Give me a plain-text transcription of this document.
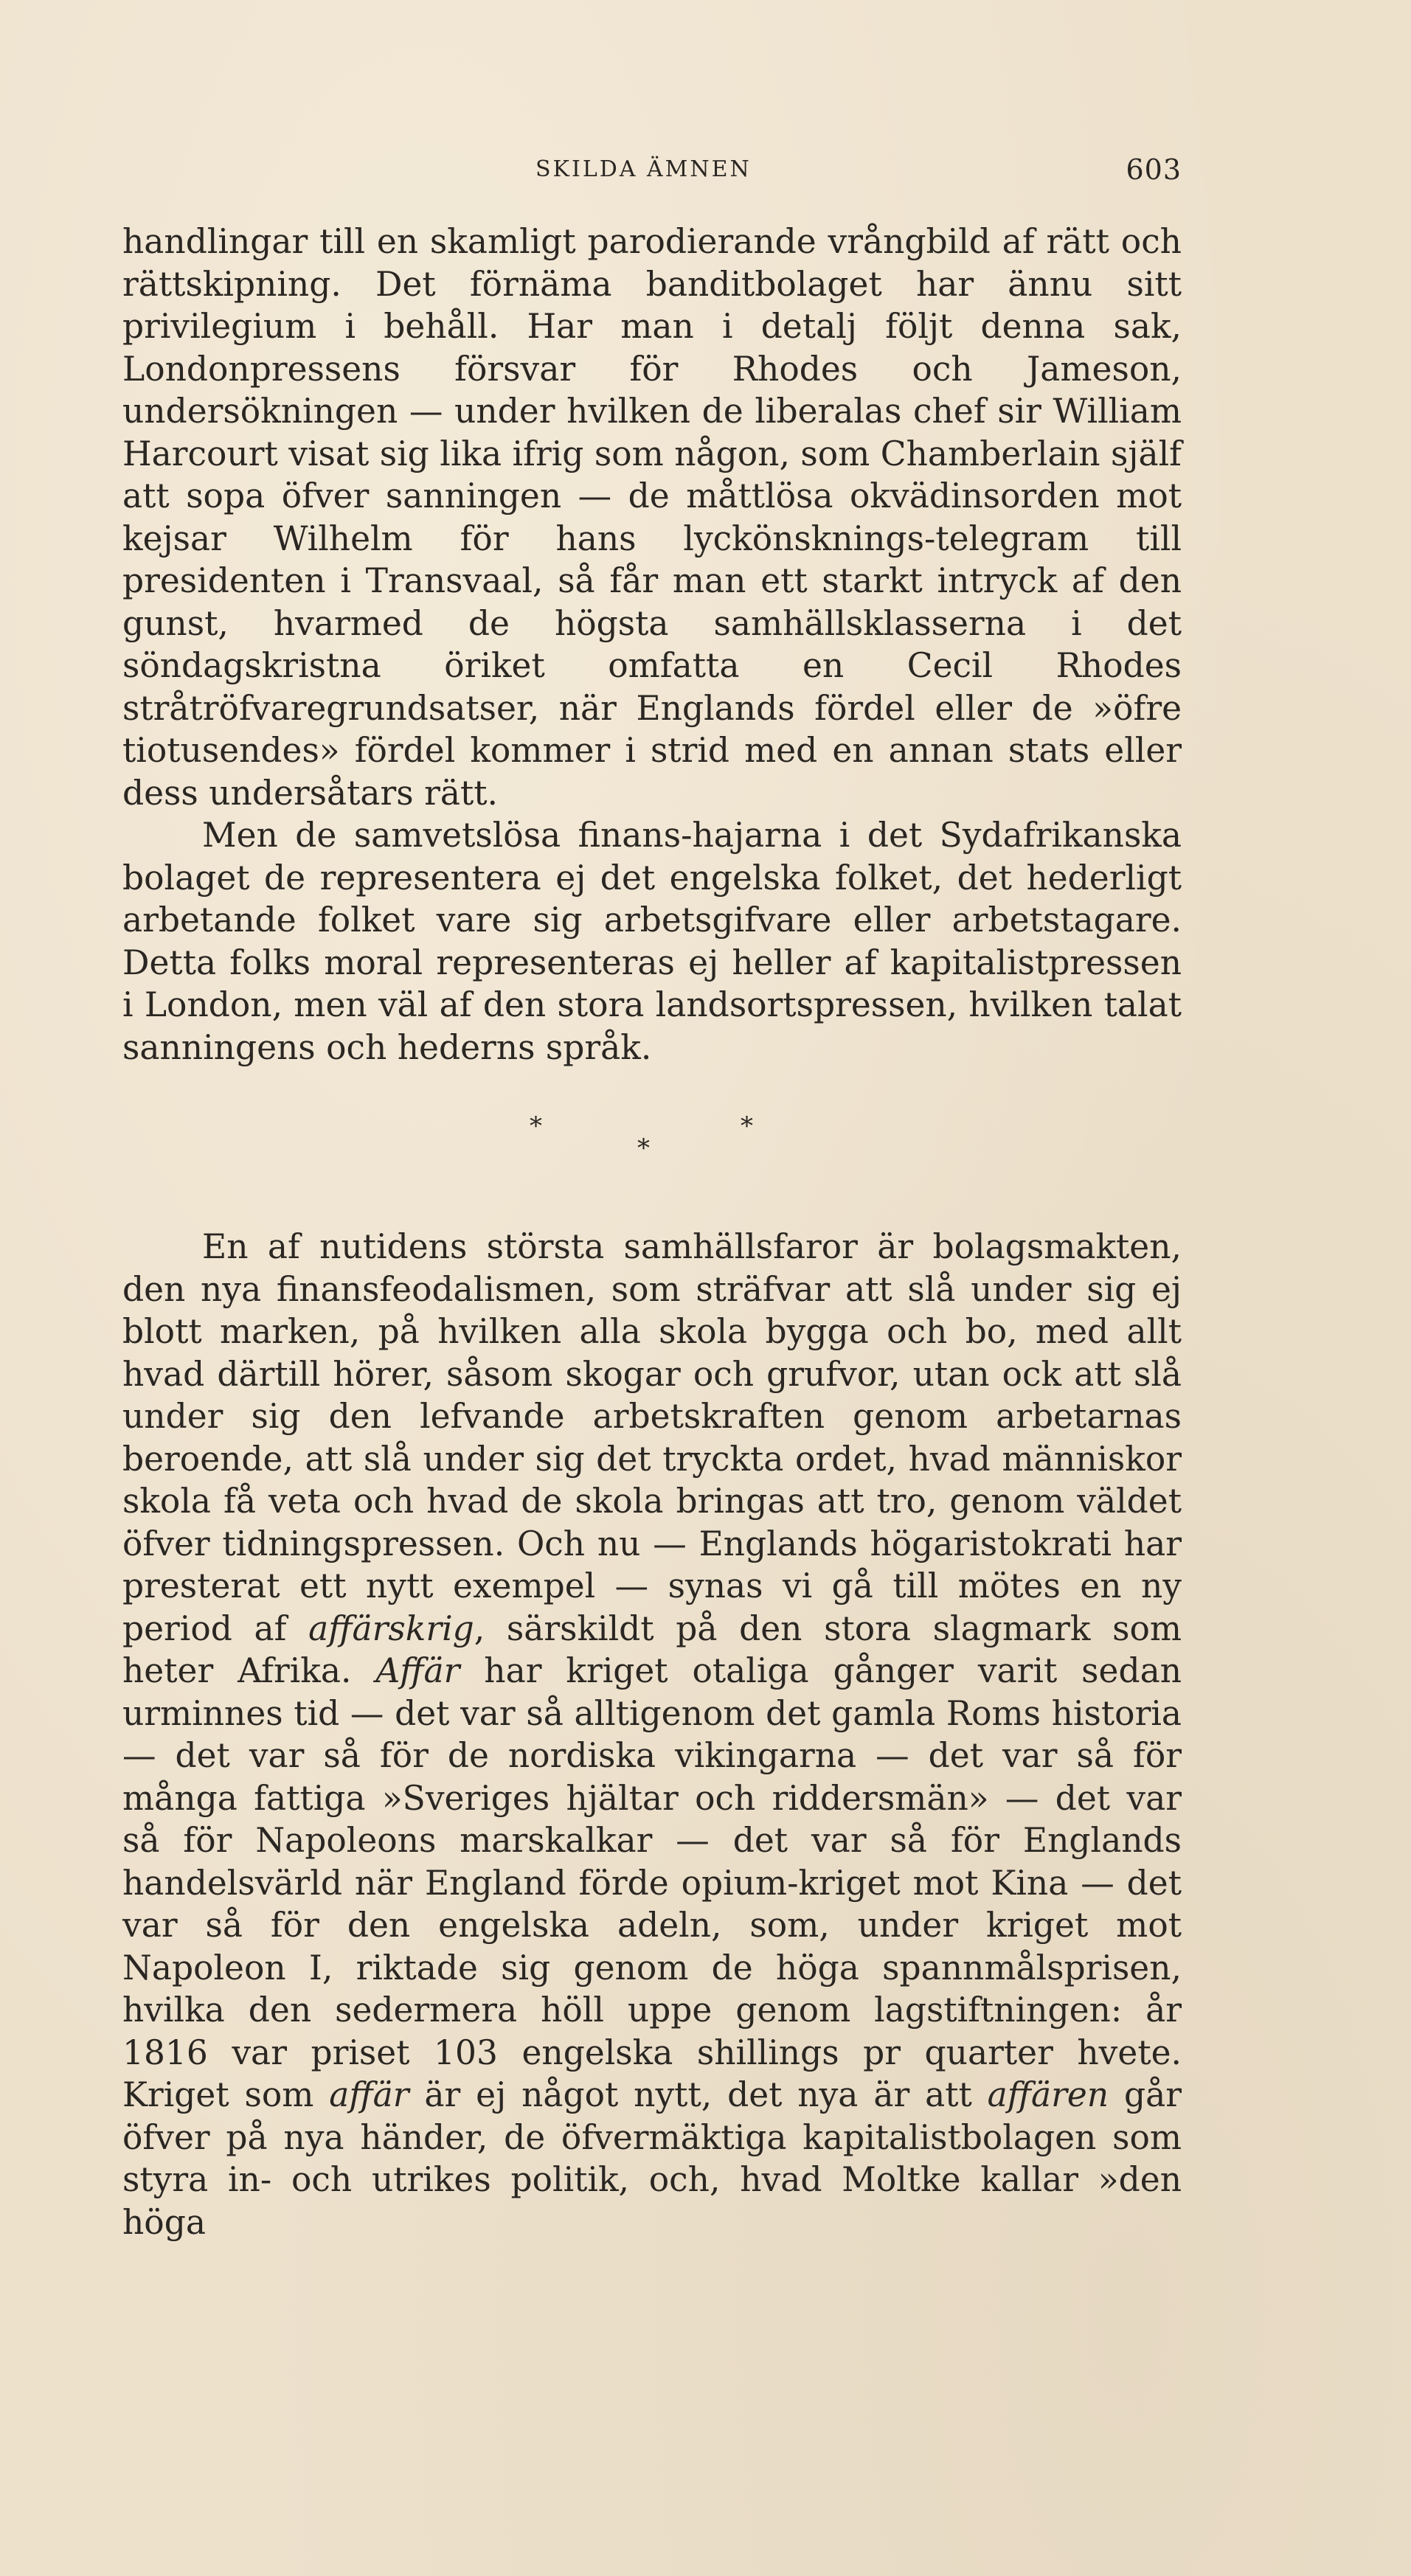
SKILDA ÄMNEN	603

handlingar till en skamligt parodierande vrångbild af rätt och rättskipning. Det förnäma banditbolaget har ännu sitt privilegium i behåll. Har man i detalj följt denna sak, Londonpressens försvar för Rhodes och Jameson, undersökningen — under hvilken de liberalas chef sir William Harcourt visat sig lika ifrig som någon, som Chamberlain själf att sopa öfver sanningen — de måttlösa okvädinsorden mot kejsar Wilhelm för hans lyckönsknings-telegram till presidenten i Transvaal, så får man ett starkt intryck af den gunst, hvarmed de högsta samhällsklasserna i det söndagskristna öriket omfatta en Cecil Rhodes stråtröfvaregrundsatser, när Englands fördel eller de »öfre tiotusendes» fördel kommer i strid med en annan stats eller dess undersåtars rätt.

Men de samvetslösa finans-hajarna i det Sydafrikanska bolaget de representera ej det engelska folket, det hederligt arbetande folket vare sig arbetsgifvare eller arbetstagare. Detta folks moral representeras ej heller af kapitalistpressen i London, men väl af den stora landsortspressen, hvilken talat sanningens och hederns språk.

*
*
*

En af nutidens största samhällsfaror är bolagsmakten, den nya finansfeodalismen, som sträfvar att slå under sig ej blott marken, på hvilken alla skola bygga och bo, med allt hvad därtill hörer, såsom skogar och grufvor, utan ock att slå under sig den lefvande arbetskraften genom arbetarnas beroende, att slå under sig det tryckta ordet, hvad människor skola få veta och hvad de skola bringas att tro, genom väldet öfver tidningspressen. Och nu — Englands högaristokrati har presterat ett nytt exempel — synas vi gå till mötes en ny period af affärskrig, särskildt på den stora slagmark som heter Afrika. Affär har kriget otaliga gånger varit sedan urminnes tid — det var så alltigenom det gamla Roms historia — det var så för de nordiska vikingarna — det var så för många fattiga »Sveriges hjältar och riddersmän» — det var så för Napoleons marskalkar — det var så för Englands handelsvärld när England förde opium-kriget mot Kina — det var så för den engelska adeln, som, under kriget mot Napoleon I, riktade sig genom de höga spannmålsprisen, hvilka den sedermera höll uppe genom lagstiftningen: år 1816 var priset 103 engelska shillings pr quarter hvete. Kriget som affär är ej något nytt, det nya är att affären går öfver på nya händer, de öfvermäktiga kapitalistbolagen som styra in- och utrikes politik, och, hvad Moltke kallar »den höga
